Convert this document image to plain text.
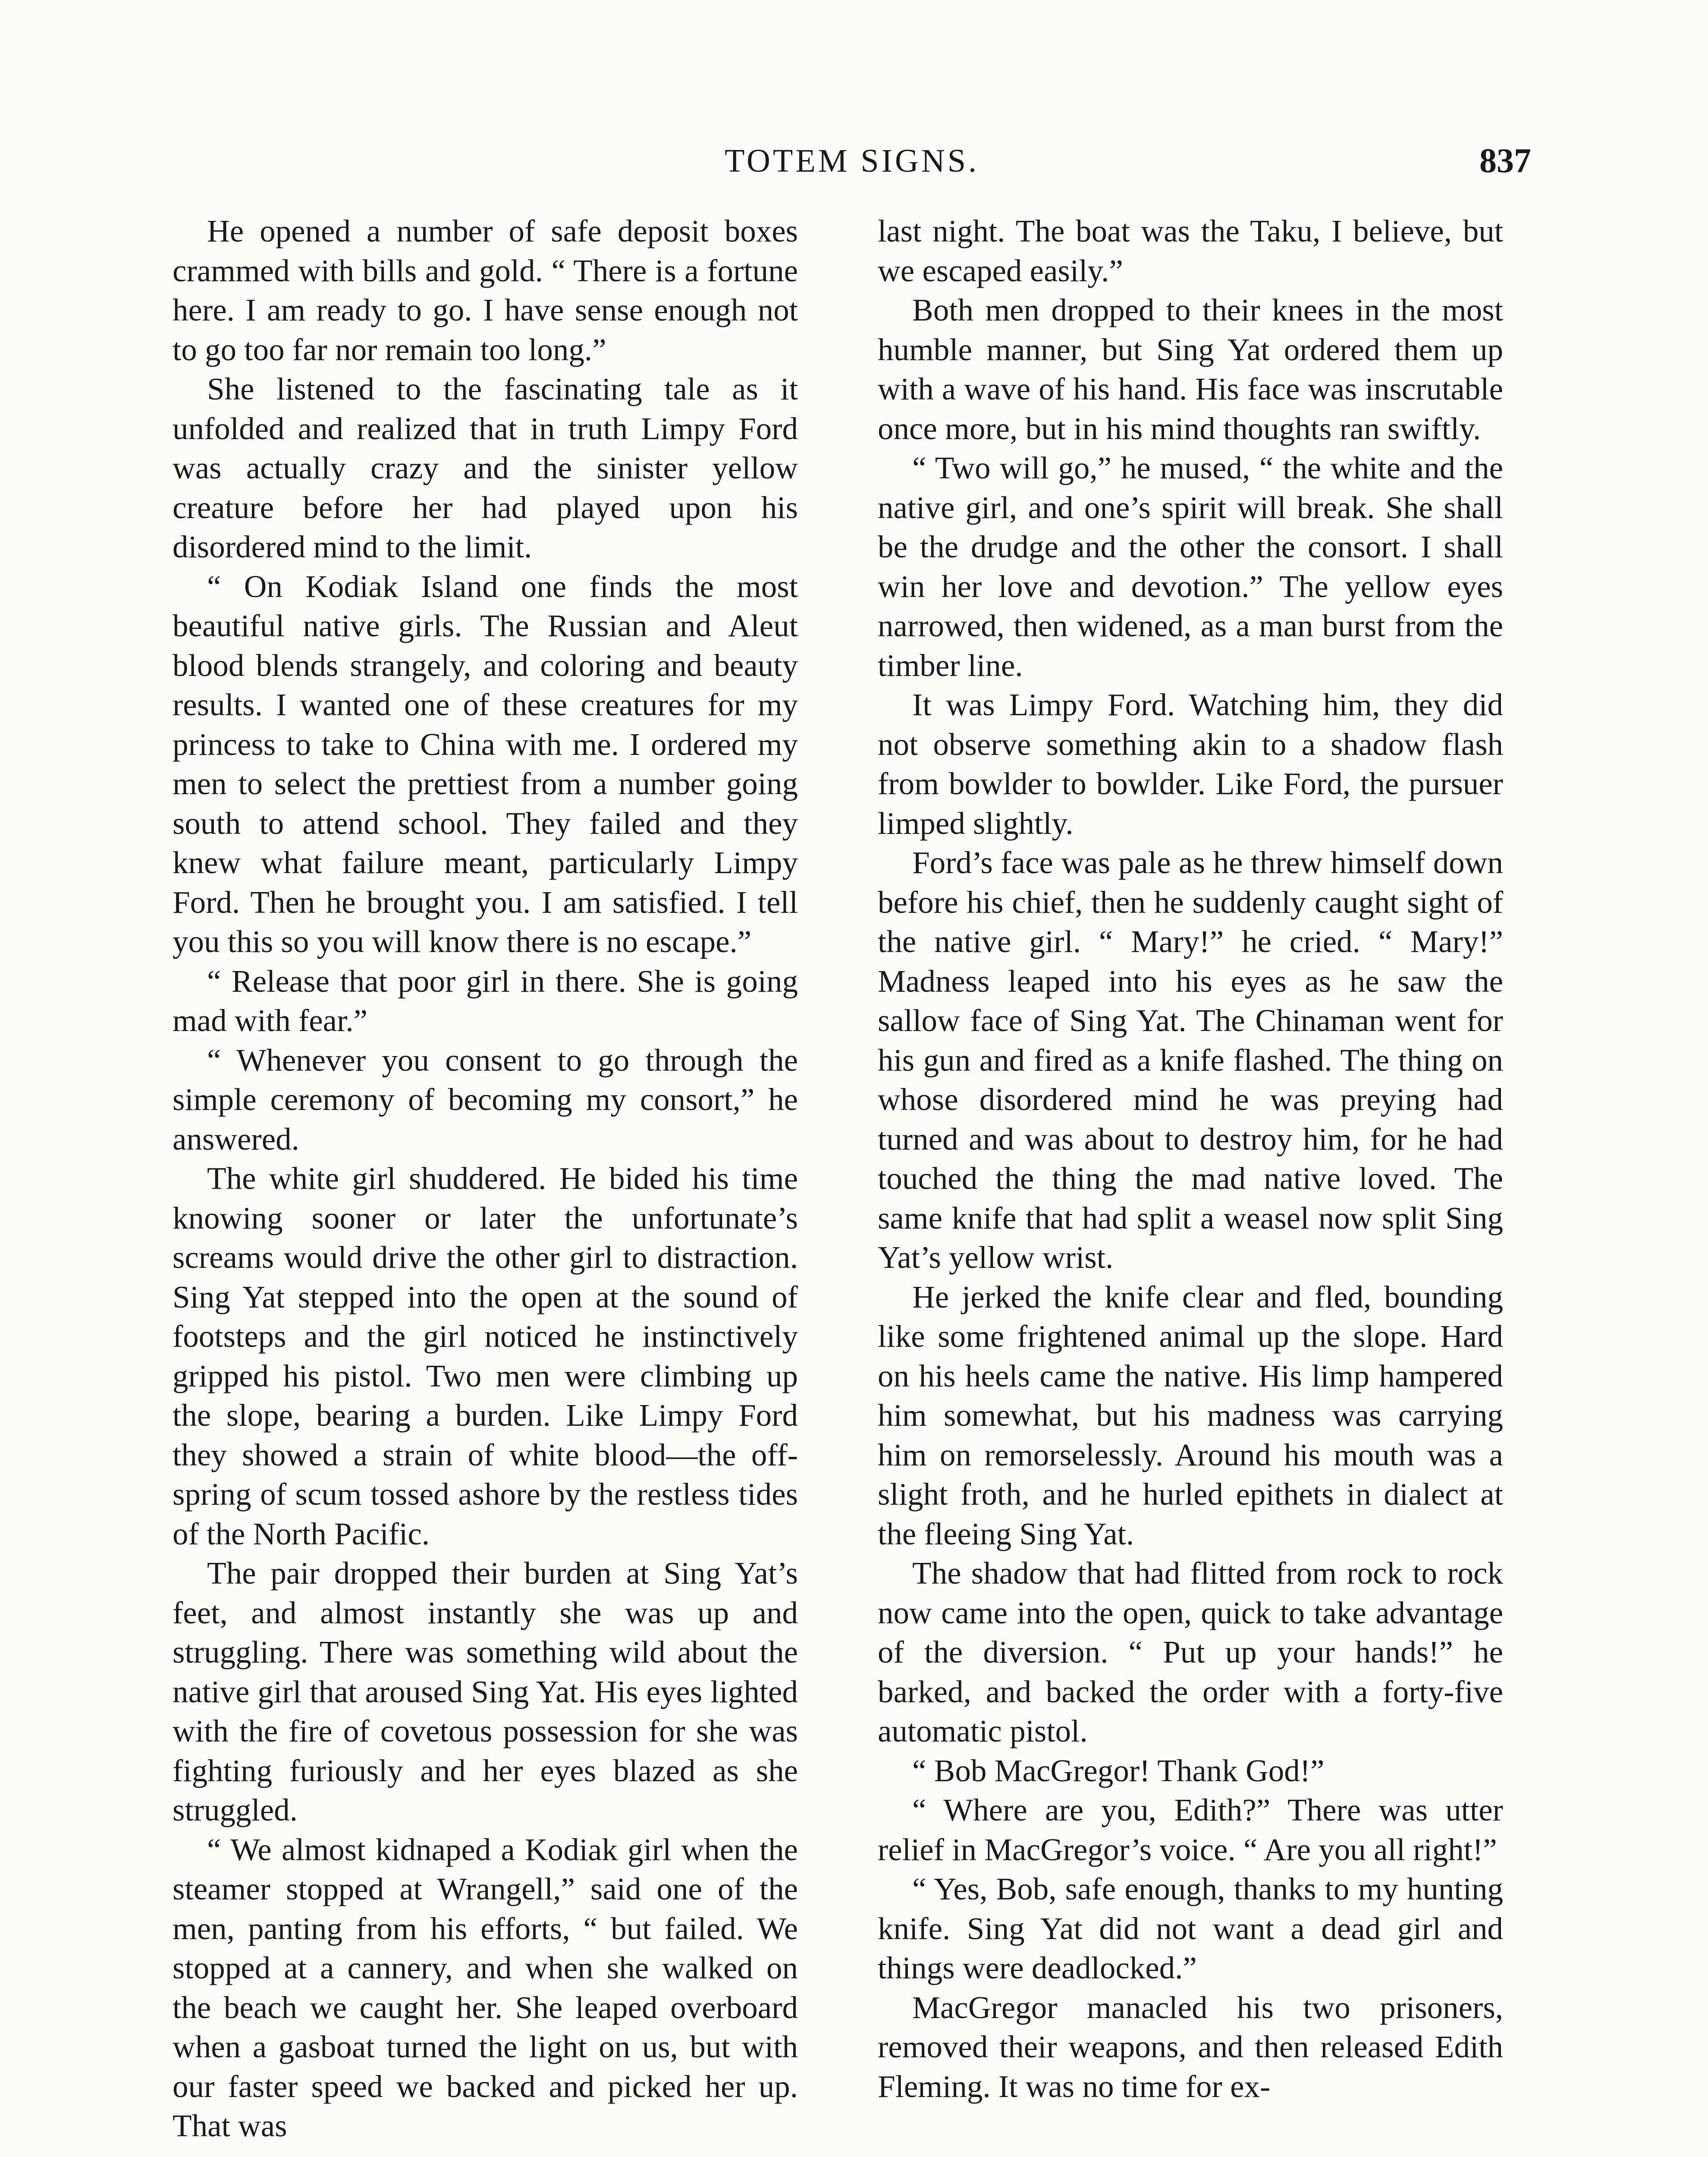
TOTEM SIGNS.	837

He opened a number of safe deposit boxes crammed with bills and gold. “ There is a fortune here. I am ready to go. I have sense enough not to go too far nor remain too long.”

She listened to the fascinating tale as it unfolded and realized that in truth Limpy Ford was actually crazy and the sinister yellow creature before her had played upon his disordered mind to the limit.

“ On Kodiak Island one finds the most beautiful native girls. The Russian and Aleut blood blends strangely, and coloring and beauty results. I wanted one of these creatures for my princess to take to China with me. I ordered my men to select the prettiest from a number going south to attend school. They failed and they knew what failure meant, particularly Limpy Ford. Then he brought you. I am satisfied. I tell you this so you will know there is no escape.”

“ Release that poor girl in there. She is going mad with fear.”

“ Whenever you consent to go through the simple ceremony of becoming my consort,” he answered.

The white girl shuddered. He bided his time knowing sooner or later the unfortunate’s screams would drive the other girl to distraction. Sing Yat stepped into the open at the sound of footsteps and the girl noticed he instinctively gripped his pistol. Two men were climbing up the slope, bearing a burden. Like Limpy Ford they showed a strain of white blood—the offspring of scum tossed ashore by the restless tides of the North Pacific.

The pair dropped their burden at Sing Yat’s feet, and almost instantly she was up and struggling. There was something wild about the native girl that aroused Sing Yat. His eyes lighted with the fire of covetous possession for she was fighting furiously and her eyes blazed as she struggled.

“ We almost kidnaped a Kodiak girl when the steamer stopped at Wrangell,” said one of the men, panting from his efforts, “ but failed. We stopped at a cannery, and when she walked on the beach we caught her. She leaped overboard when a gasboat turned the light on us, but with our faster speed we backed and picked her up. That was

last night. The boat was the Taku, I believe, but we escaped easily.”

Both men dropped to their knees in the most humble manner, but Sing Yat ordered them up with a wave of his hand. His face was inscrutable once more, but in his mind thoughts ran swiftly.

“ Two will go,” he mused, “ the white and the native girl, and one’s spirit will break. She shall be the drudge and the other the consort. I shall win her love and devotion.” The yellow eyes narrowed, then widened, as a man burst from the timber line.

It was Limpy Ford. Watching him, they did not observe something akin to a shadow flash from bowlder to bowlder. Like Ford, the pursuer limped slightly.

Ford’s face was pale as he threw himself down before his chief, then he suddenly caught sight of the native girl. “ Mary!” he cried. “ Mary!” Madness leaped into his eyes as he saw the sallow face of Sing Yat. The Chinaman went for his gun and fired as a knife flashed. The thing on whose disordered mind he was preying had turned and was about to destroy him, for he had touched the thing the mad native loved. The same knife that had split a weasel now split Sing Yat’s yellow wrist.

He jerked the knife clear and fled, bounding like some frightened animal up the slope. Hard on his heels came the native. His limp hampered him somewhat, but his madness was carrying him on remorselessly. Around his mouth was a slight froth, and he hurled epithets in dialect at the fleeing Sing Yat.

The shadow that had flitted from rock to rock now came into the open, quick to take advantage of the diversion. “ Put up your hands!” he barked, and backed the order with a forty-five automatic pistol.

“ Bob MacGregor! Thank God!”

“ Where are you, Edith?” There was utter relief in MacGregor’s voice. “ Are you all right!”

“ Yes, Bob, safe enough, thanks to my hunting knife. Sing Yat did not want a dead girl and things were deadlocked.”

MacGregor manacled his two prisoners, removed their weapons, and then released Edith Fleming. It was no time for ex-
